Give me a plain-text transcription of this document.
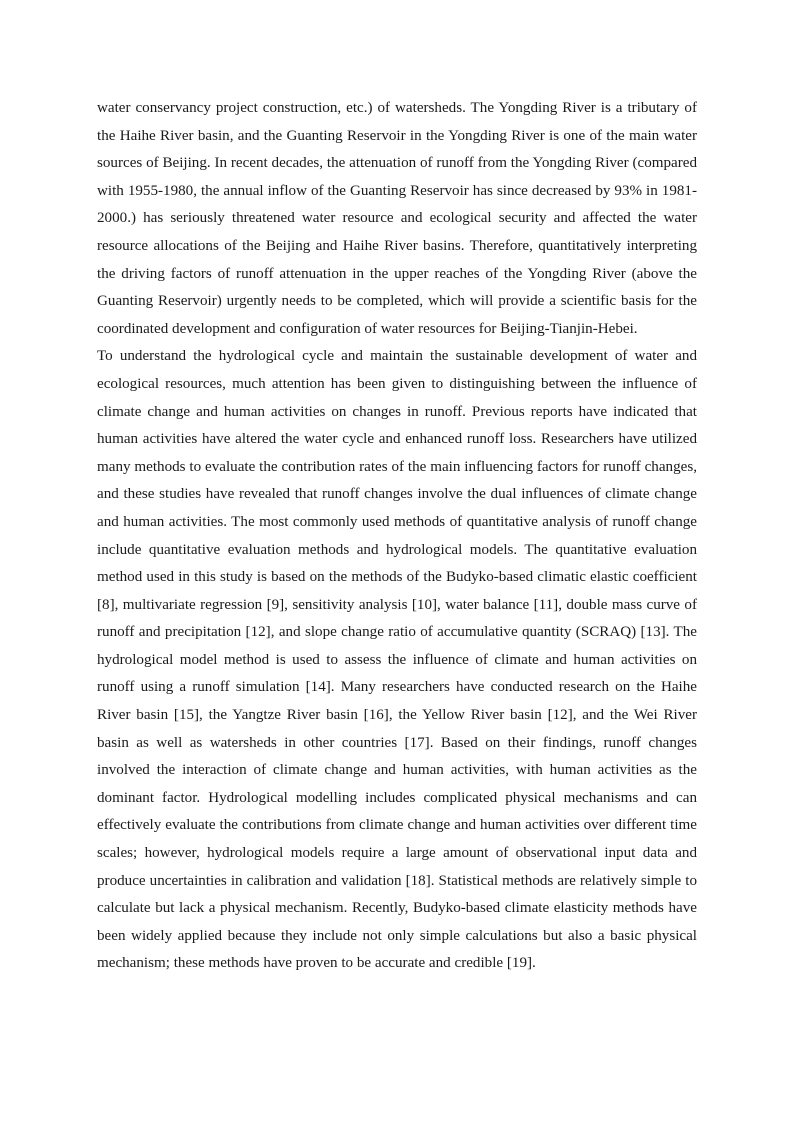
water conservancy project construction, etc.) of watersheds. The Yongding River is a tributary of the Haihe River basin, and the Guanting Reservoir in the Yongding River is one of the main water sources of Beijing. In recent decades, the attenuation of runoff from the Yongding River (compared with 1955-1980, the annual inflow of the Guanting Reservoir has since decreased by 93% in 1981-2000.) has seriously threatened water resource and ecological security and affected the water resource allocations of the Beijing and Haihe River basins. Therefore, quantitatively interpreting the driving factors of runoff attenuation in the upper reaches of the Yongding River (above the Guanting Reservoir) urgently needs to be completed, which will provide a scientific basis for the coordinated development and configuration of water resources for Beijing-Tianjin-Hebei.

To understand the hydrological cycle and maintain the sustainable development of water and ecological resources, much attention has been given to distinguishing between the influence of climate change and human activities on changes in runoff. Previous reports have indicated that human activities have altered the water cycle and enhanced runoff loss. Researchers have utilized many methods to evaluate the contribution rates of the main influencing factors for runoff changes, and these studies have revealed that runoff changes involve the dual influences of climate change and human activities. The most commonly used methods of quantitative analysis of runoff change include quantitative evaluation methods and hydrological models. The quantitative evaluation method used in this study is based on the methods of the Budyko-based climatic elastic coefficient [8], multivariate regression [9], sensitivity analysis [10], water balance [11], double mass curve of runoff and precipitation [12], and slope change ratio of accumulative quantity (SCRAQ) [13]. The hydrological model method is used to assess the influence of climate and human activities on runoff using a runoff simulation [14]. Many researchers have conducted research on the Haihe River basin [15], the Yangtze River basin [16], the Yellow River basin [12], and the Wei River basin as well as watersheds in other countries [17]. Based on their findings, runoff changes involved the interaction of climate change and human activities, with human activities as the dominant factor. Hydrological modelling includes complicated physical mechanisms and can effectively evaluate the contributions from climate change and human activities over different time scales; however, hydrological models require a large amount of observational input data and produce uncertainties in calibration and validation [18]. Statistical methods are relatively simple to calculate but lack a physical mechanism. Recently, Budyko-based climate elasticity methods have been widely applied because they include not only simple calculations but also a basic physical mechanism; these methods have proven to be accurate and credible [19].
